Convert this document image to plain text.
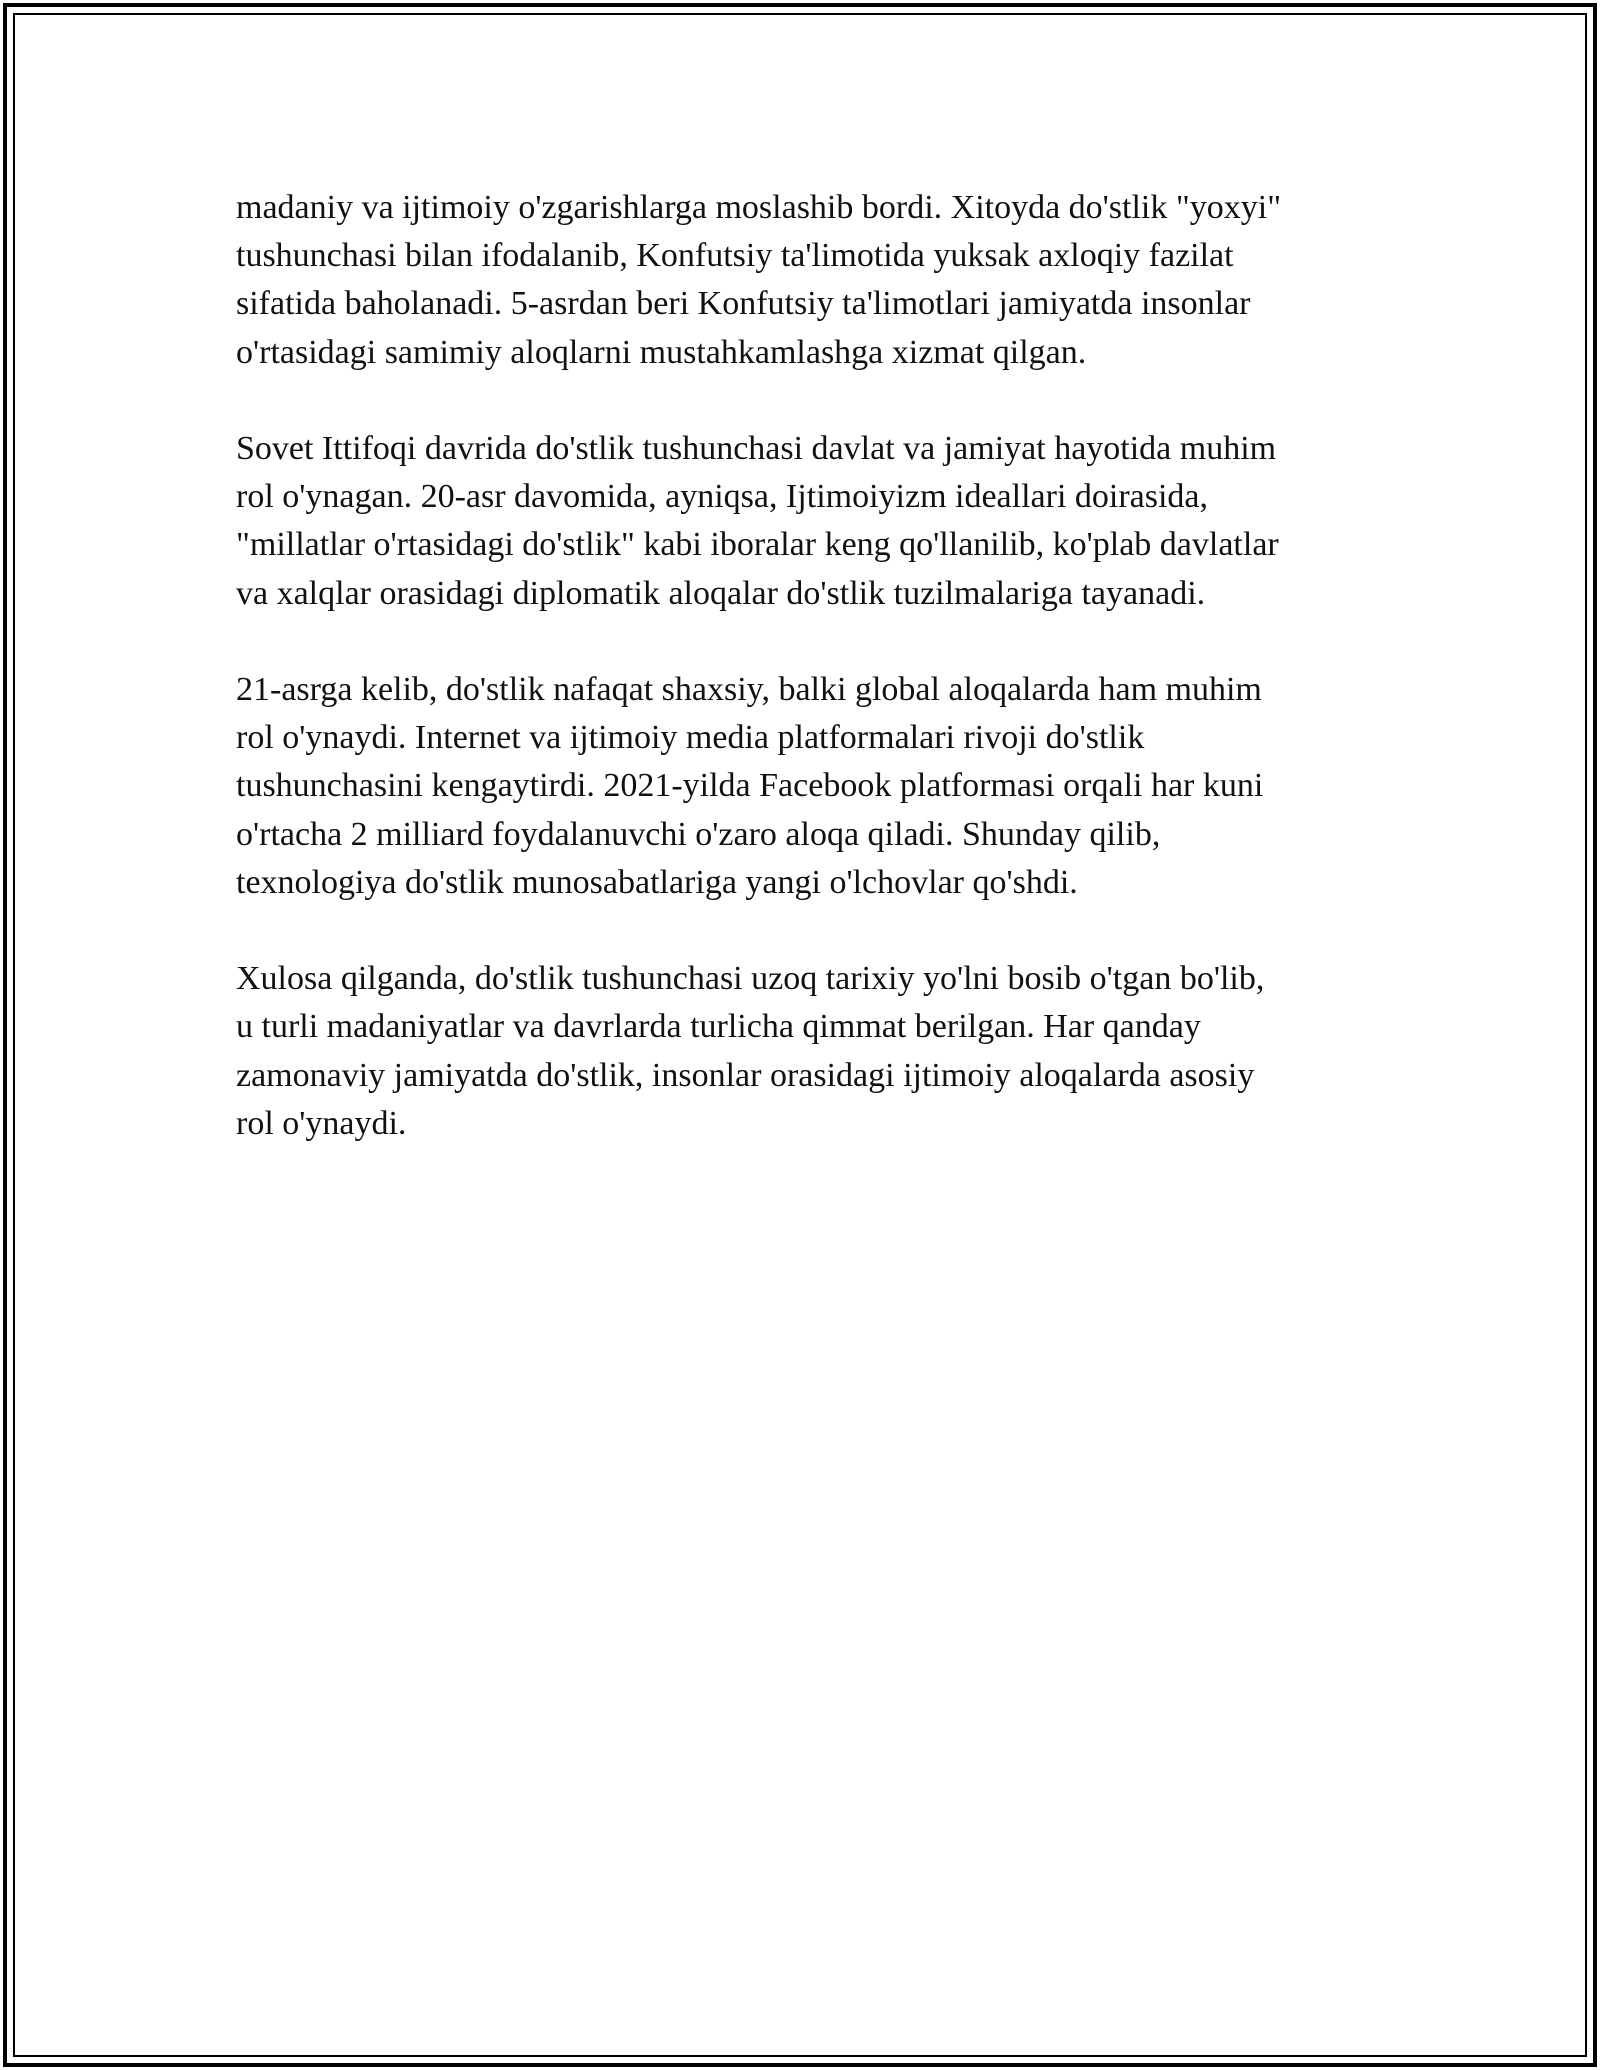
madaniy va ijtimoiy o'zgarishlarga moslashib bordi. Xitoyda do'stlik "yoxyi"
tushunchasi bilan ifodalanib, Konfutsiy ta'limotida yuksak axloqiy fazilat
sifatida baholanadi. 5-asrdan beri Konfutsiy ta'limotlari jamiyatda insonlar
o'rtasidagi samimiy aloqlarni mustahkamlashga xizmat qilgan.
Sovet Ittifoqi davrida do'stlik tushunchasi davlat va jamiyat hayotida muhim
rol o'ynagan. 20-asr davomida, ayniqsa, Ijtimoiyizm ideallari doirasida,
"millatlar o'rtasidagi do'stlik" kabi iboralar keng qo'llanilib, ko'plab davlatlar
va xalqlar orasidagi diplomatik aloqalar do'stlik tuzilmalariga tayanadi.
21-asrga kelib, do'stlik nafaqat shaxsiy, balki global aloqalarda ham muhim
rol o'ynaydi. Internet va ijtimoiy media platformalari rivoji do'stlik
tushunchasini kengaytirdi. 2021-yilda Facebook platformasi orqali har kuni
o'rtacha 2 milliard foydalanuvchi o'zaro aloqa qiladi. Shunday qilib,
texnologiya do'stlik munosabatlariga yangi o'lchovlar qo'shdi.
Xulosa qilganda, do'stlik tushunchasi uzoq tarixiy yo'lni bosib o'tgan bo'lib,
u turli madaniyatlar va davrlarda turlicha qimmat berilgan. Har qanday
zamonaviy jamiyatda do'stlik, insonlar orasidagi ijtimoiy aloqalarda asosiy
rol o'ynaydi.
